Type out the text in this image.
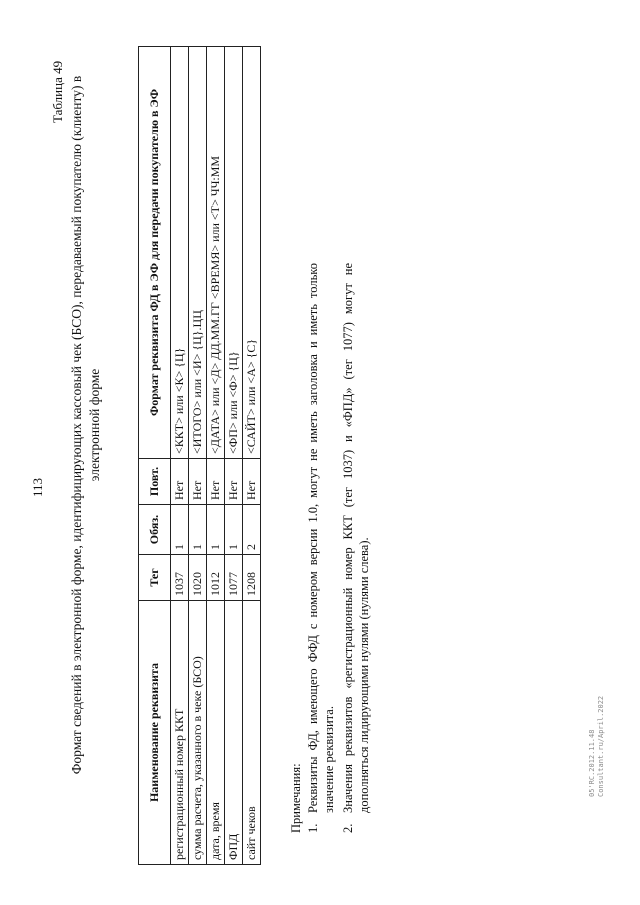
113
Таблица 49 Формат сведений в электронной форме, идентифицирующих кассовый чек (БСО), передаваемый покупателю (клиенту) в электронной форме
Наименование реквизита	Тег	Обяз.	Повт.	Формат реквизита ФД в ЭФ для передачи покупателю в ЭФ
регистрационный номер ККТ	1037	1	Нет	<ККТ> или <К> {Ц}
сумма расчета, указанного в чеке (БСО)	1020	1	Нет	<ИТОГО> или <И> {Ц}.ЦЦ
дата, время	1012	1	Нет	<ДАТА> или <Д> ДД.ММ.ГГ <ВРЕМЯ> или <Т> ЧЧ:ММ
ФПД	1077	1	Нет	<ФП> или <Ф> {Ц}
сайт чеков	1208	2	Нет	<САЙТ> или <А> {С}
Примечания: 1.
Реквизиты ФД, имеющего ФФД с номером версии 1.0, могут не иметь заголовка и иметь только значение реквизита.
2.
Значения реквизитов «регистрационный номер ККТ (тег 1037) и «ФПД» (тег 1077) могут не дополняться лидирующими нулями (нулями слева).	05'RC.2012.11.48 Consultant.ru/Аpril.2022
